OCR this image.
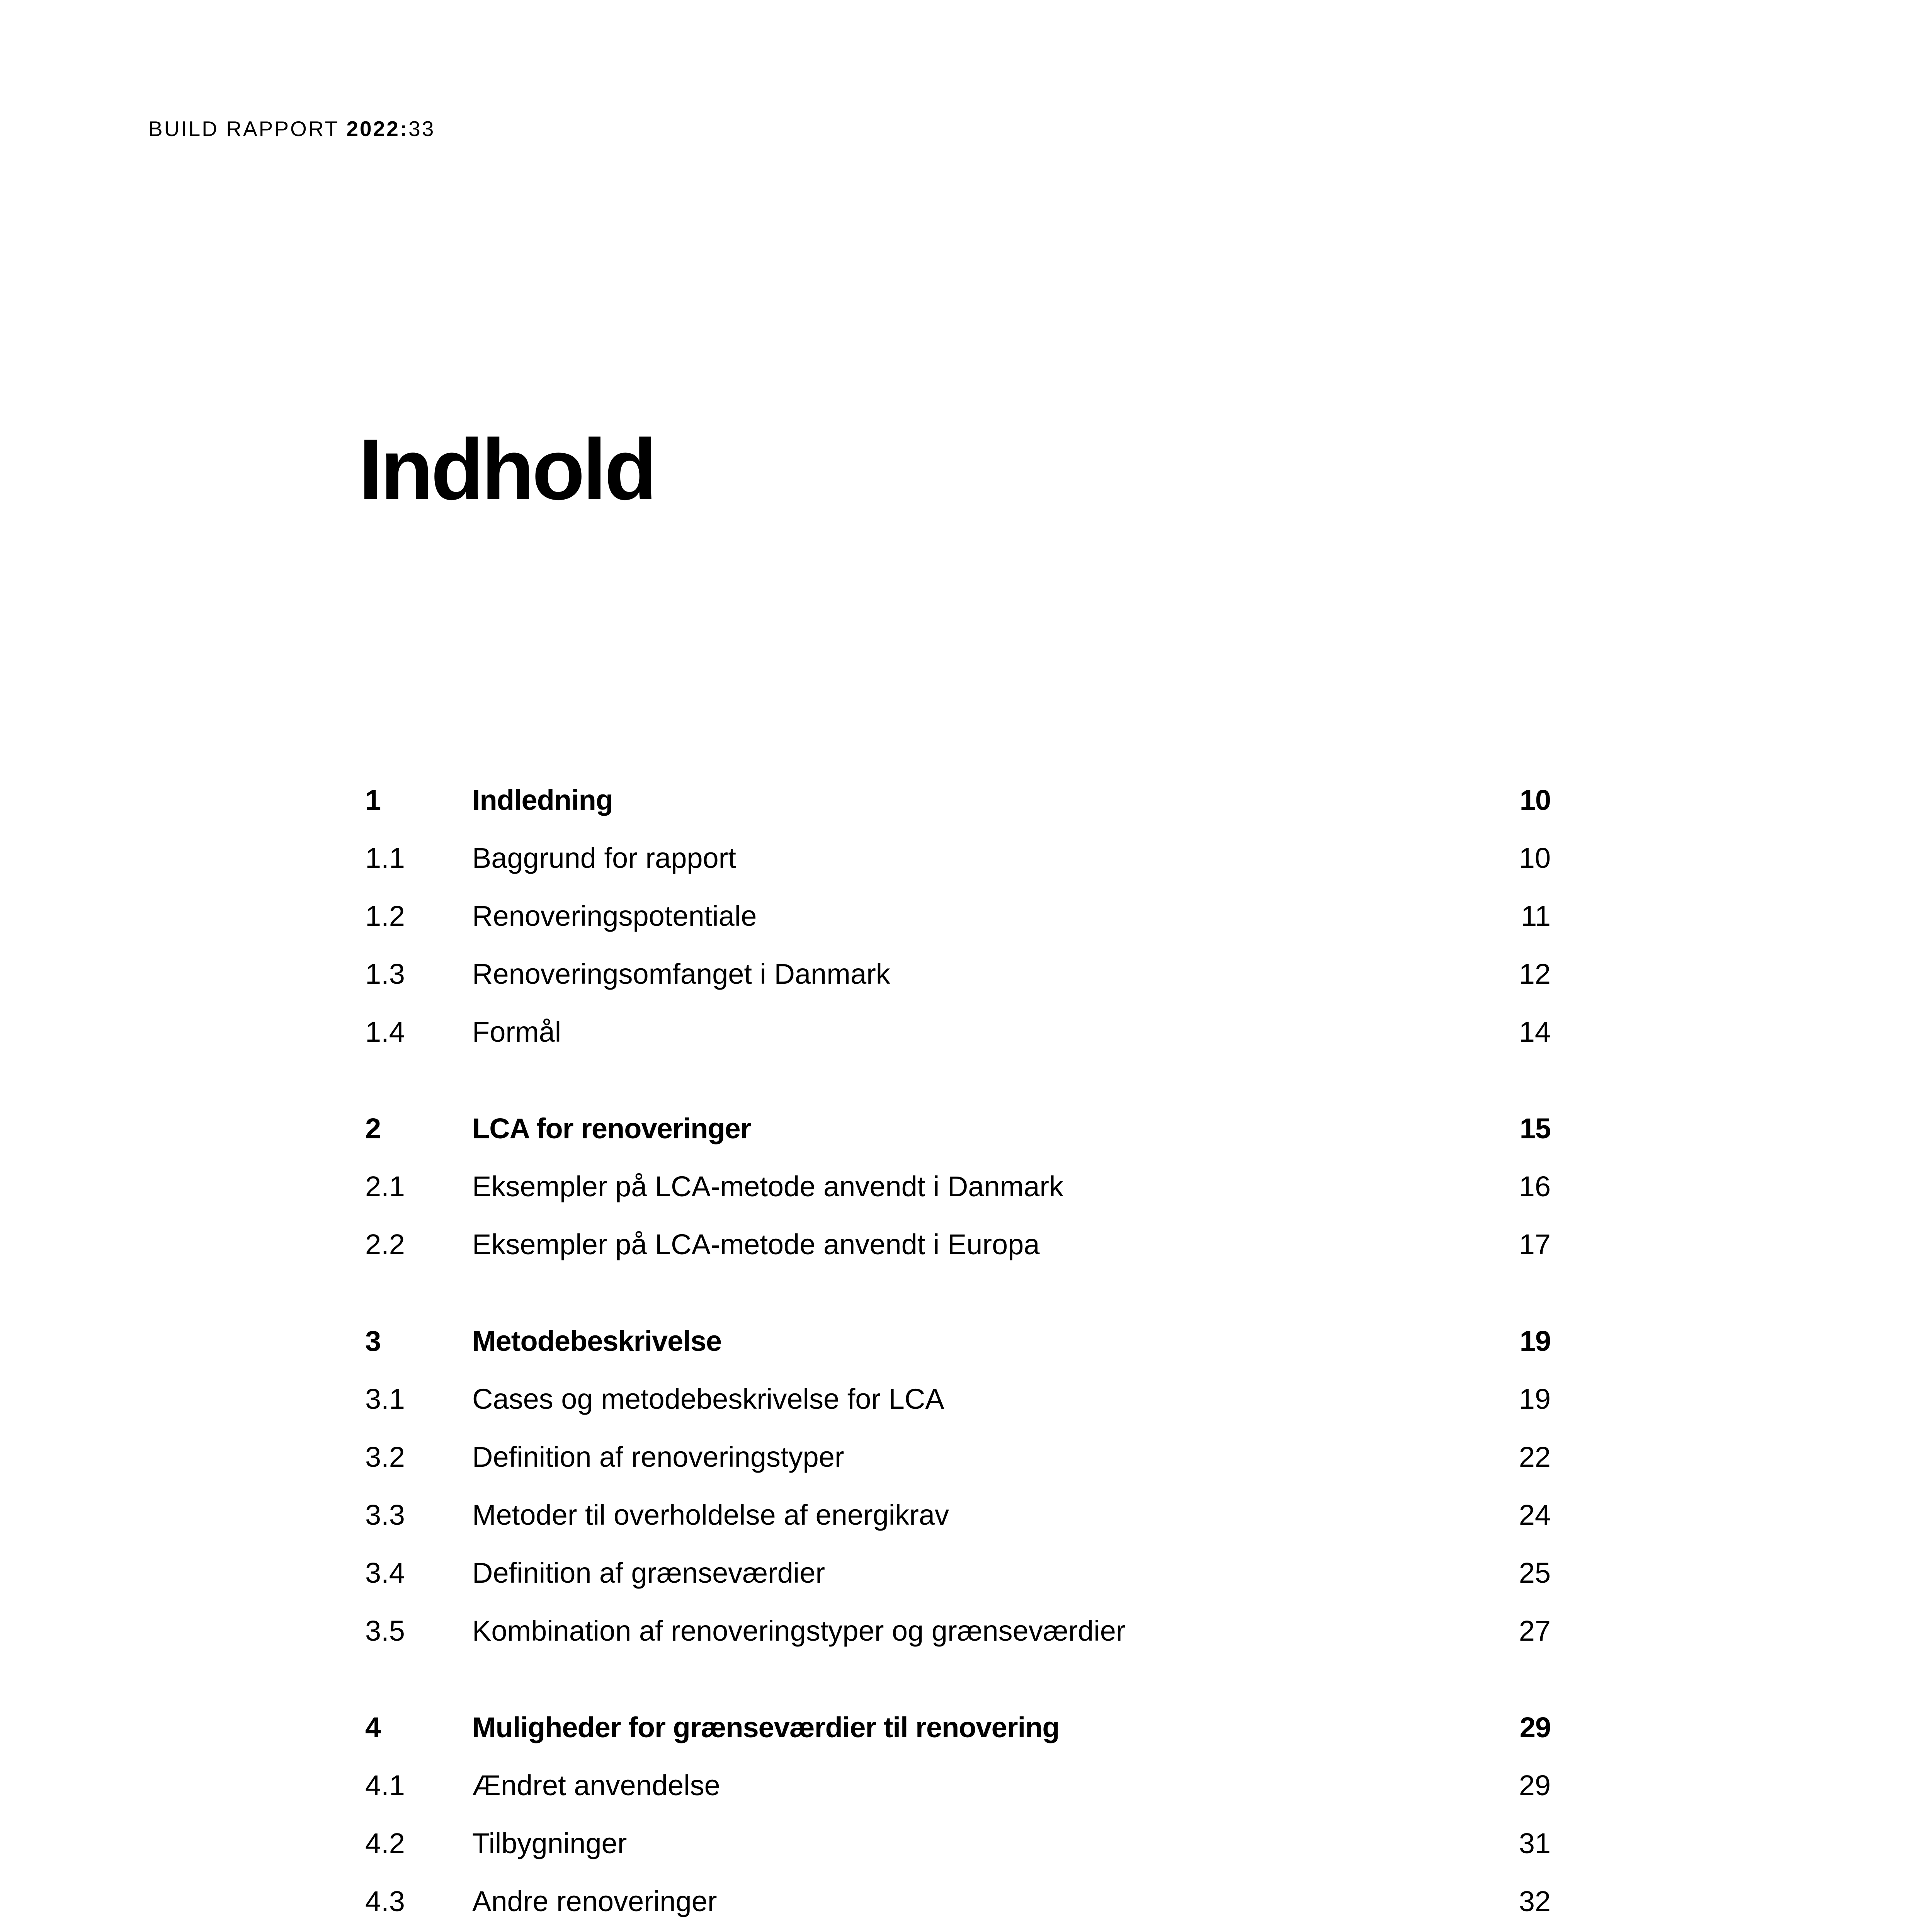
BUILD RAPPORT 2022:33
Indhold
1	Indledning	10
1.1 Baggrund for rapport	10
1.2 Renoveringspotentiale	11
1.3 Renoveringsomfanget i Danmark	12
1.4 Formål	14
2	LCA for renoveringer	15
2.1 Eksempler på LCA-metode anvendt i Danmark	16
2.2 Eksempler på LCA-metode anvendt i Europa	17
3	Metodebeskrivelse	19
3.1 Cases og metodebeskrivelse for LCA	19
3.2 Definition af renoveringstyper	22
3.3 Metoder til overholdelse af energikrav	24
3.4 Definition af grænseværdier	25
3.5 Kombination af renoveringstyper og grænseværdier	27
4	Muligheder for grænseværdier til renovering	29
4.1 Ændret anvendelse	29
4.2 Tilbygninger	31
4.3 Andre renoveringer	32
